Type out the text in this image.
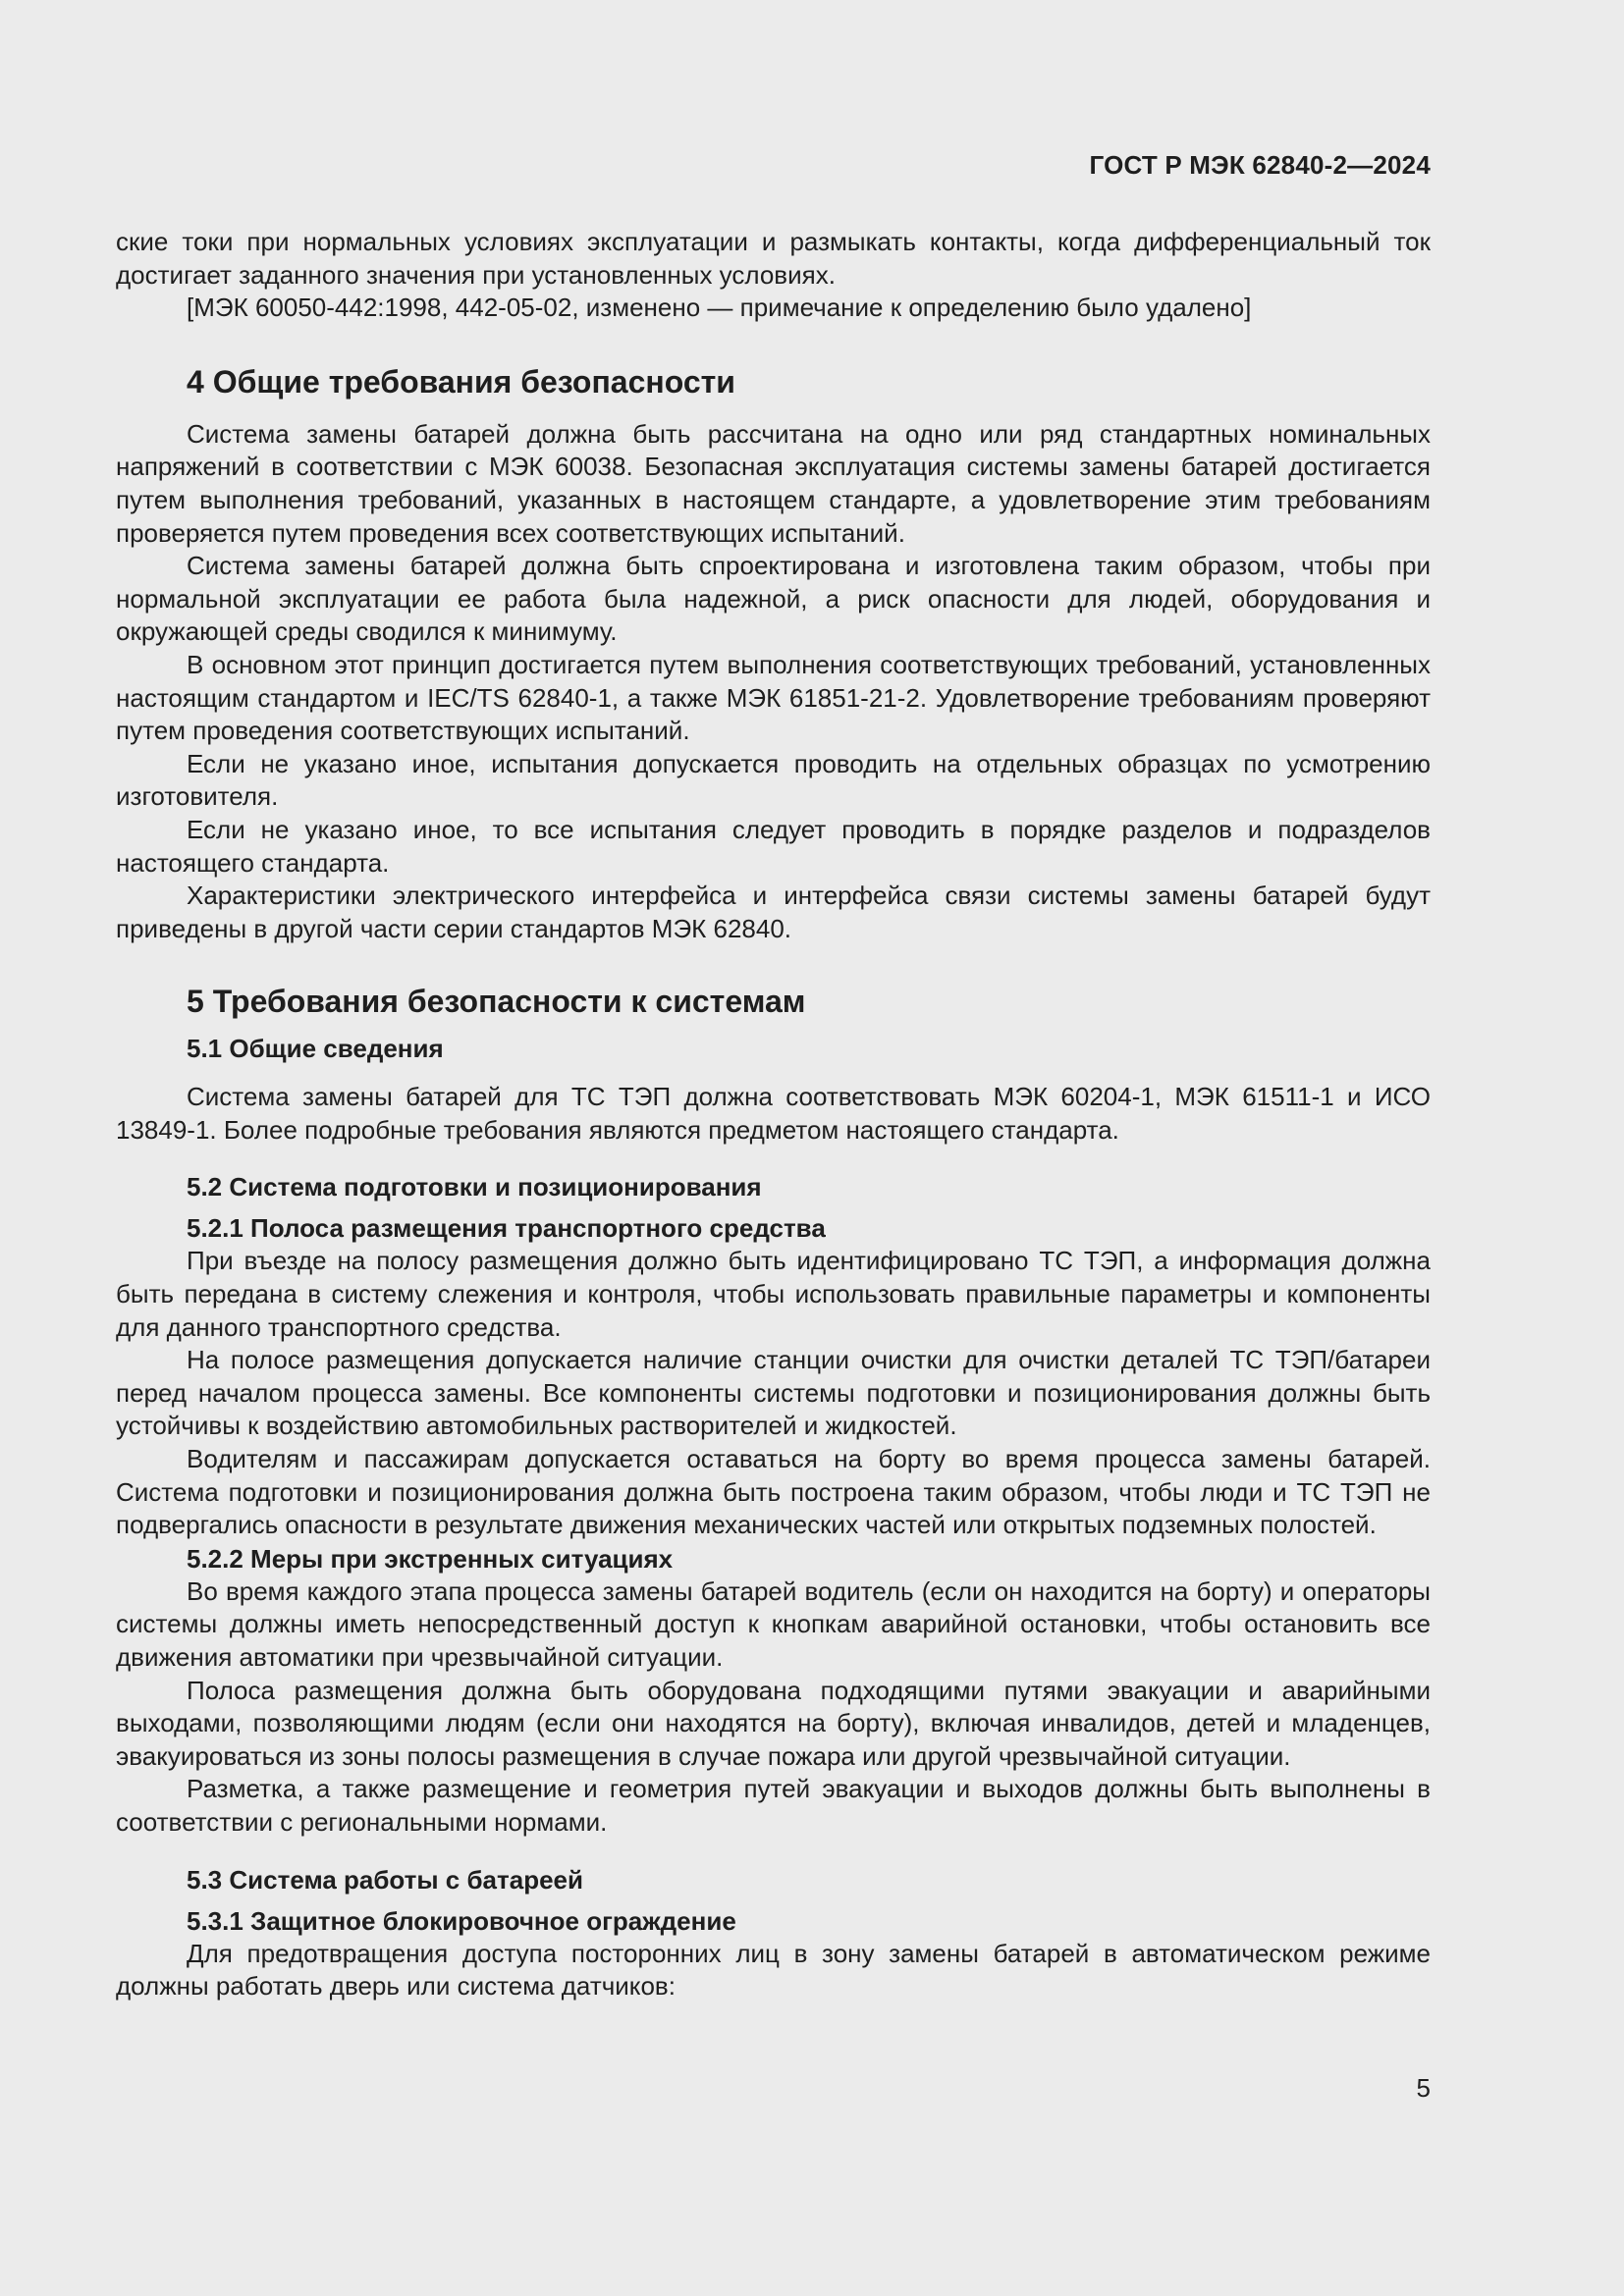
ГОСТ Р МЭК 62840-2—2024

ские токи при нормальных условиях эксплуатации и размыкать контакты, когда дифференциальный ток достигает заданного значения при установленных условиях.

[МЭК 60050-442:1998, 442-05-02, изменено — примечание к определению было удалено]

4 Общие требования безопасности

Система замены батарей должна быть рассчитана на одно или ряд стандартных номинальных напряжений в соответствии с МЭК 60038. Безопасная эксплуатация системы замены батарей достигается путем выполнения требований, указанных в настоящем стандарте, а удовлетворение этим требованиям проверяется путем проведения всех соответствующих испытаний.

Система замены батарей должна быть спроектирована и изготовлена таким образом, чтобы при нормальной эксплуатации ее работа была надежной, а риск опасности для людей, оборудования и окружающей среды сводился к минимуму.

В основном этот принцип достигается путем выполнения соответствующих требований, установленных настоящим стандартом и IEC/TS 62840-1, а также МЭК 61851-21-2. Удовлетворение требованиям проверяют путем проведения соответствующих испытаний.

Если не указано иное, испытания допускается проводить на отдельных образцах по усмотрению изготовителя.

Если не указано иное, то все испытания следует проводить в порядке разделов и подразделов настоящего стандарта.

Характеристики электрического интерфейса и интерфейса связи системы замены батарей будут приведены в другой части серии стандартов МЭК 62840.

5 Требования безопасности к системам
5.1 Общие сведения

Система замены батарей для ТС ТЭП должна соответствовать МЭК 60204-1, МЭК 61511-1 и ИСО 13849-1. Более подробные требования являются предметом настоящего стандарта.

5.2 Система подготовки и позиционирования
5.2.1 Полоса размещения транспортного средства

При въезде на полосу размещения должно быть идентифицировано ТС ТЭП, а информация должна быть передана в систему слежения и контроля, чтобы использовать правильные параметры и компоненты для данного транспортного средства.

На полосе размещения допускается наличие станции очистки для очистки деталей ТС ТЭП/батареи перед началом процесса замены. Все компоненты системы подготовки и позиционирования должны быть устойчивы к воздействию автомобильных растворителей и жидкостей.

Водителям и пассажирам допускается оставаться на борту во время процесса замены батарей. Система подготовки и позиционирования должна быть построена таким образом, чтобы люди и ТС ТЭП не подвергались опасности в результате движения механических частей или открытых подземных полостей.

5.2.2 Меры при экстренных ситуациях

Во время каждого этапа процесса замены батарей водитель (если он находится на борту) и операторы системы должны иметь непосредственный доступ к кнопкам аварийной остановки, чтобы остановить все движения автоматики при чрезвычайной ситуации.

Полоса размещения должна быть оборудована подходящими путями эвакуации и аварийными выходами, позволяющими людям (если они находятся на борту), включая инвалидов, детей и младенцев, эвакуироваться из зоны полосы размещения в случае пожара или другой чрезвычайной ситуации.

Разметка, а также размещение и геометрия путей эвакуации и выходов должны быть выполнены в соответствии с региональными нормами.

5.3 Система работы с батареей
5.3.1 Защитное блокировочное ограждение

Для предотвращения доступа посторонних лиц в зону замены батарей в автоматическом режиме должны работать дверь или система датчиков:

5
